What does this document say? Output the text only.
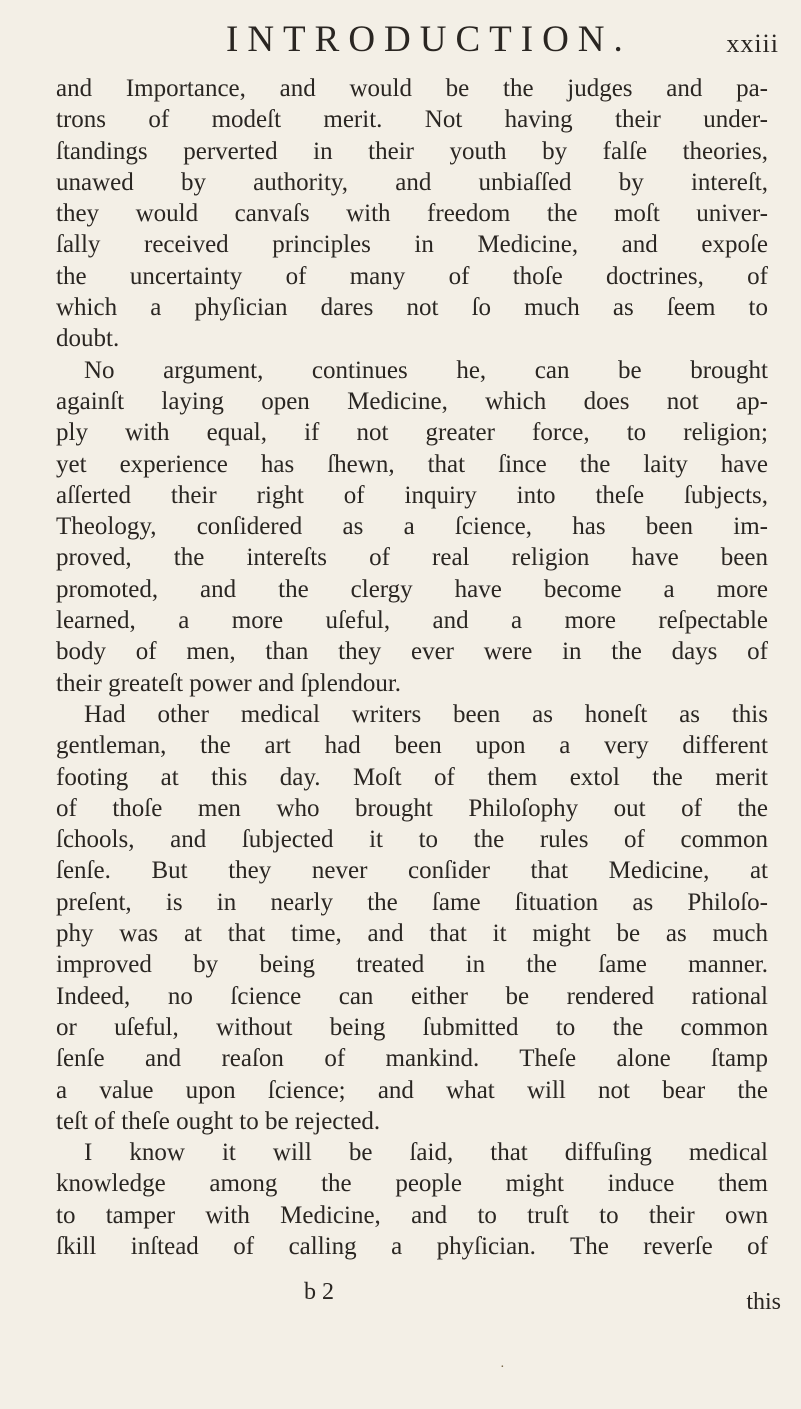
INTRODUCTION.	xxiii
and Importance, and would be the judges and pa-
trons of modeſt merit. Not having their under-
ſtandings perverted in their youth by falſe theories,
unawed by authority, and unbiaſſed by intereſt,
they would canvaſs with freedom the moſt univer-
ſally received principles in Medicine, and expoſe
the uncertainty of many of thoſe doctrines, of
which a phyſician dares not ſo much as ſeem to
doubt.
No argument, continues he, can be brought
againſt laying open Medicine, which does not ap-
ply with equal, if not greater force, to religion;
yet experience has ſhewn, that ſince the laity have
aſſerted their right of inquiry into theſe ſubjects,
Theology, conſidered as a ſcience, has been im-
proved, the intereſts of real religion have been
promoted, and the clergy have become a more
learned, a more uſeful, and a more reſpectable
body of men, than they ever were in the days of
their greateſt power and ſplendour.
Had other medical writers been as honeſt as this
gentleman, the art had been upon a very different
footing at this day. Moſt of them extol the merit
of thoſe men who brought Philoſophy out of the
ſchools, and ſubjected it to the rules of common
ſenſe. But they never conſider that Medicine, at
preſent, is in nearly the ſame ſituation as Philoſo-
phy was at that time, and that it might be as much
improved by being treated in the ſame manner.
Indeed, no ſcience can either be rendered rational
or uſeful, without being ſubmitted to the common
ſenſe and reaſon of mankind. Theſe alone ſtamp
a value upon ſcience; and what will not bear the
teſt of theſe ought to be rejected.
I know it will be ſaid, that diffuſing medical
knowledge among the people might induce them
to tamper with Medicine, and to truſt to their own
ſkill inſtead of calling a phyſician. The reverſe of
b 2	this
·
